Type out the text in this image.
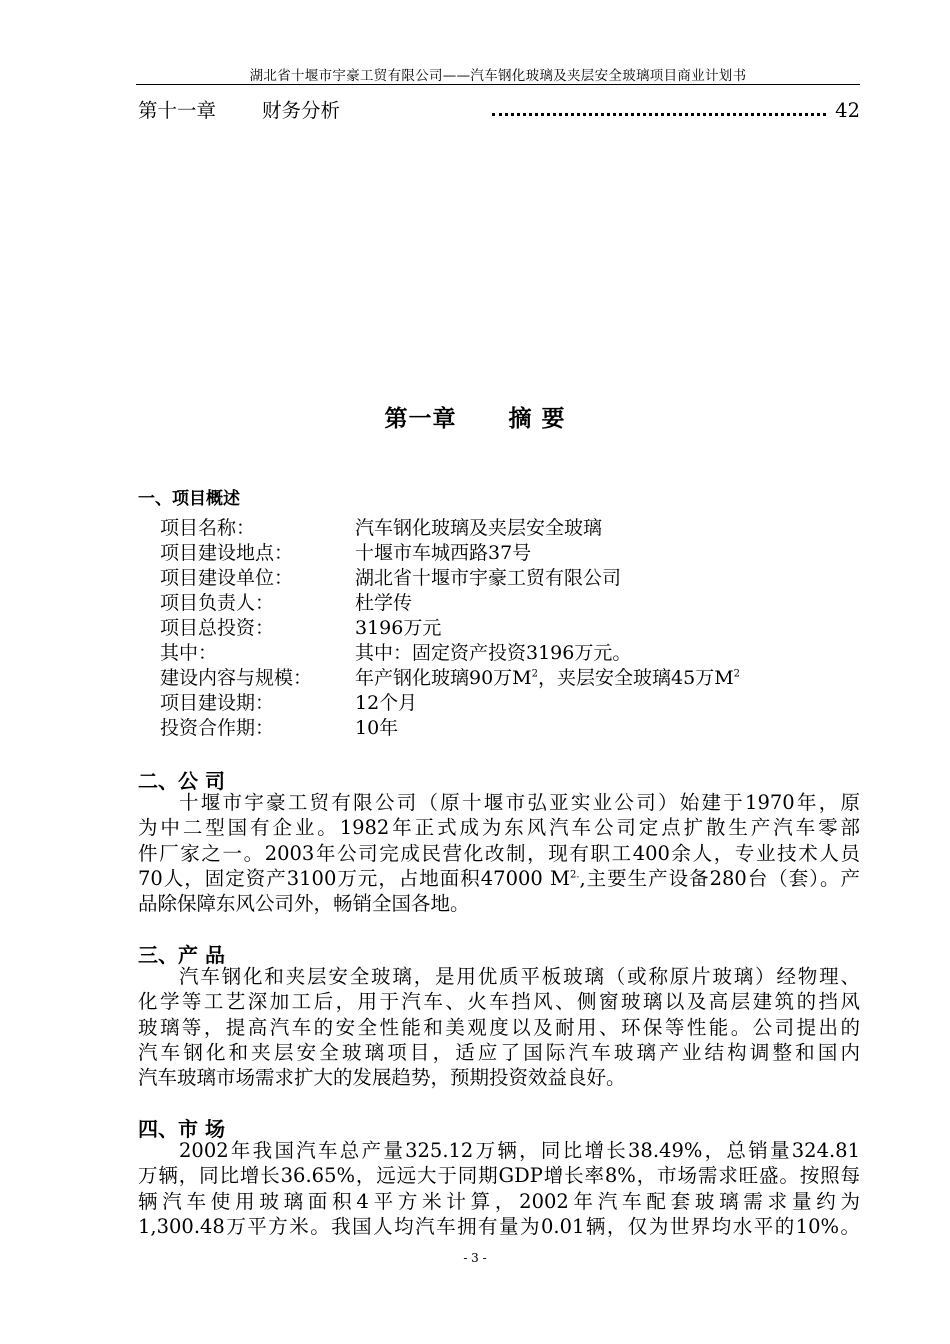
湖北省十堰市宇豪工贸有限公司——汽车钢化玻璃及夹层安全玻璃项目商业计划书
第十一章 财务分析	42
第一章 摘 要
一、项目概述
项目名称：	汽车钢化玻璃及夹层安全玻璃
项目建设地点：	十堰市车城西路37号
项目建设单位：	湖北省十堰市宇豪工贸有限公司
项目负责人：	杜学传
项目总投资：	3196万元
其中：	其中：固定资产投资3196万元。
建设内容与规模： 年产钢化玻璃90万$M^2$，夹层安全玻璃45万$M^2$
项目建设期：	12个月
投资合作期：	10年
二、公 司
十堰市宇豪工贸有限公司（原十堰市弘亚实业公司）始建于1970年，原
为中二型国有企业。1982年正式成为东风汽车公司定点扩散生产汽车零部
件厂家之一。2003年公司完成民营化改制，现有职工400余人，专业技术人员
70人，固定资产3100万元，占地面积47000 $M^{2.}$,主要生产设备280台（套）。产
品除保障东风公司外，畅销全国各地。
三、产 品
汽车钢化和夹层安全玻璃，是用优质平板玻璃（或称原片玻璃）经物理、
化学等工艺深加工后，用于汽车、火车挡风、侧窗玻璃以及高层建筑的挡风
玻璃等，提高汽车的安全性能和美观度以及耐用、环保等性能。公司提出的
汽车钢化和夹层安全玻璃项目，适应了国际汽车玻璃产业结构调整和国内
汽车玻璃市场需求扩大的发展趋势，预期投资效益良好。
四、市 场
2002年我国汽车总产量325.12万辆，同比增长38.49%，总销量324.81
万辆，同比增长36.65%，远远大于同期GDP增长率8%，市场需求旺盛。按照每
辆汽车使用玻璃面积4平方米计算，2002年汽车配套玻璃需求量约为
1,300.48万平方米。我国人均汽车拥有量为0.01辆，仅为世界均水平的10%。
- 3 -
